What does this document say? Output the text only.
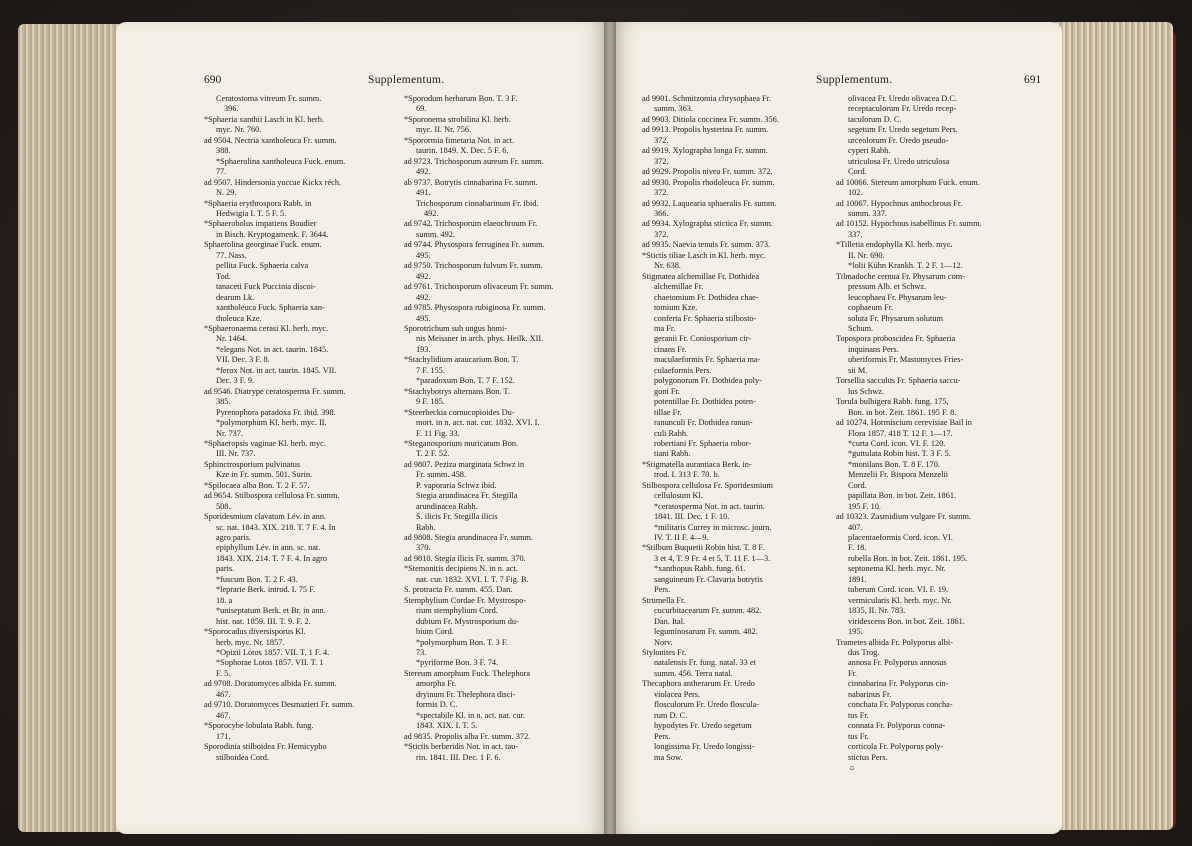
690	Supplementum.
Ceratostoma vitreum Fr. summ.
396.
*Sphaeria xanthii Lasch in Kl. herb.
myc. Nr. 760.
ad 9504. Nectria xantholeuca Fr. summ.
388.
*Sphaerolina xantholeuca Fuck. enum.
77.
ad 9507. Hindersonia yuccae Kickx réch.
N. 29.
*Sphaeria erythrospora Rabh. in
Hedwigia I. T. 5 F. 5.
*Sphaerobolus impatiens Boudier
in Bisch. Kryptogamenk. F. 3644.
Sphaerolina georginae Fuck. enum.
77. Nass.
pellita Fuck. Sphaeria calva
Tod.
tanaceti Fuck Puccinia discoi-
dearum Lk.
xantholeuca Fuck. Sphaeria xan-
tholeuca Kze.
*Sphaeronaema cerasi Kl. herb. myc.
Nr. 1464.
*elegans Not. in act. taurin. 1845.
VII. Dec. 3 F. 8.
*ferox Not. in act. taurin. 1845. VII.
Dec. 3 F. 9.
ad 9546. Diatrype ceratosperma Fr. summ.
385.
Pyrenophora paradoxa Fr. ibid. 398.
*polymorphum Kl. herb. myc. II.
Nr. 737.
*Sphaeropsis vaginae Kl. herb. myc.
III. Nr. 737.
Sphinctrosporium pulvinatus
Kze in Fr. summ. 501. Surin.
*Spilocaea alba Bon. T. 2 F. 57.
ad 9654. Stilbospora cellulosa Fr. summ.
508.
Sporidesmium clavatum Lév. in ann.
sc. nat. 1843. XIX. 218. T. 7 F. 4. In
agro paris.
epiphyllum Lév. in ann. sc. nat.
1843. XIX. 214. T. 7 F. 4. In agro
paris.
*fuscum Bon. T. 2 F. 43.
*leprarie Berk. introd. I. 75 F.
18. a
*uniseptatum Berk. et Br. in ann.
hist. nat. 1859. III. T. 9. F. 2.
*Sporocadus diversisporus Kl.
herb. myc. Nr. 1857.
*Opizii Lotos 1857. VII. T. 1 F. 4.
*Sophorae Lotos 1857. VII. T. 1
F. 5.
ad 9708. Doratomyces albida Fr. summ.
467.
ad 9710. Doratomyces Desmazieri Fr. summ.
467.
*Sporocybe lobulata Rabh. fung.
171.
Sporodinia stilboidea Fr. Hemicypho
stilboidea Cord.
*Sporodum herbarum Bon. T. 3 F.
69.
*Sporonema strobilina Kl. herb.
myc. II. Nr. 756.
*Sporormia fimetaria Not. in act.
taurin. 1849. X. Dec. 5 F. 6.
ad 9723. Trichosporum aureum Fr. summ.
492.
ab 9737. Botrytis cinnabarina Fr. summ.
491.
Trichosporum cinnabarinum Fr. ibid.
492.
ad 9742. Trichosporum elaeochroum Fr.
summ. 492.
ad 9744. Physospora ferruginea Fr. summ.
495.
ad 9750. Trichosporum fulvum Fr. summ.
492.
ad 9761. Trichosporum olivaceum Fr. summ.
492.
ad 9785. Physospora rubiginosa Fr. summ.
495.
Sporotrichum sub ungus homi-
nis Meissner in arch. phys. Heilk. XII.
193.
*Stachylidium araucarium Bon. T.
7 F. 155.
*paradoxum Bon. T. 7 F. 152.
*Stachybotrys alternans Bon. T.
9 F. 185.
*Steerbeckia cornucopioides Du-
mort. in n. act. nat. cur. 1832. XVI. I.
F. 11 Fig. 33.
*Steganosporium muricatum Bon.
T. 2 F. 52.
ad 9807. Peziza marginata Schwz in
Fr. summ. 458.
P. vaporaria Schwz ibid.
Stegia arundinacea Fr. Stegilla
arundinacea Rabh.
S. ilicis Fr. Stegilla ilicis
Rabh.
ad 9808. Stegia arundinacea Fr. summ.
370.
ad 9810. Stegia ilicis Fr. summ. 370.
*Stemonitis decipiens N. in n. act.
nat. cur. 1832. XVI. I. T. 7 Fig. B.
S. protracta Fr. summ. 455. Dan.
Stemphylium Cordae Fr. Mystrospo-
rium stemphylium Cord.
dubium Fr. Mystrosporium du-
bium Cord.
*polymorphum Bon. T. 3 F.
73.
*pyriforme Bon. 3 F. 74.
Stereum amorphum Fuck. Thelephora
amorpha Fr.
dryinum Fr. Thelephora disci-
formis D. C.
*spectabile Kl. in n. act. nat. cur.
1843. XIX. I. T. 5.
ad 9835. Propolis alba Fr. summ. 372.
*Stictis berberidis Not. in act. tau-
rin. 1841. III. Dec. 1 F. 6.
Supplementum.	691
ad 9901. Schmitzomia chrysophaea Fr.
summ. 363.
ad 9903. Ditiola coccinea Fr. summ. 356.
ad 9913. Propolis hysterina Fr. summ.
372.
ad 9919. Xylographa longa Fr. summ.
372.
ad 9929. Propolis nivea Fr. summ. 372.
ad 9930. Propolis rhodoleuca Fr. summ.
372.
ad 9932. Laquearia sphaeralis Fr. summ.
366.
ad 9934. Xylographa stictica Fr. summ.
372.
ad 9935. Naevia tenuis Fr. summ. 373.
*Stictis tiliae Lasch in Kl. herb. myc.
Nr. 638.
Stigmatea alchemillae Fr. Dothidea
alchemillae Fr.
chaetomium Fr. Dothidea chae-
tomium Kze.
conferta Fr. Sphaeria stilbosto-
ma Fr.
geranii Fr. Coniosporium cir-
cinans Fr.
maculaeformis Fr. Sphaeria ma-
culaeformis Pers.
polygonorum Fr. Dothidea poly-
goni Fr.
potentillae Fr. Dothidea poten-
tillae Fr.
ranunculi Fr. Dothidea ranun-
culi Rabh.
robertiani Fr. Sphaeria robor-
tiani Rabh.
*Stigmatella aurantiaca Berk. in-
trod. I. 313 F. 70. b.
Stilbospora cellulosa Fr. Sporidesmium
cellulosum Kl.
*ceratosperma Not. in act. taurin.
1841. III. Dec. 1 F. 10.
*militaris Currey in microsc. journ.
IV. T. II F. 4—9.
*Stilbum Buquetii Robin hist. T. 8 F.
3 et 4, T. 9 Fr. 4 et 5, T. 11 F. 1—3.
*xanthopus Rabh. fung. 61.
sanguineum Fr. Clavaria botrytis
Pers.
Strumella Fr.
cucurbitacearum Fr. summ. 482.
Dan. Ital.
leguminosarum Fr. summ. 482.
Norv.
Stylonites Fr.
natalensis Fr. fung. natal. 33 et
summ. 456. Terra natal.
Thecaphora antherarum Fr. Uredo
violacea Pers.
flosculorum Fr. Uredo floscula-
rum D. C.
hypodytes Fr. Uredo segetum
Pers.
longissima Fr. Uredo longissi-
ma Sow.
olivacea Fr. Uredo olivacea D.C.
receptaculorum Fr. Uredo recep-
taculorum D. C.
segetum Fr. Uredo segetum Pers.
urceolorum Fr. Uredo pseudo-
cyperi Rabh.
utriculosa Fr. Uredo utriculosa
Cord.
ad 10066. Stereum amorphum Fuck. enum.
102.
ad 10067. Hypochnus anthochrous Fr.
summ. 337.
ad 10152. Hypochnus isabellinus Fr. summ.
337.
*Tilletia endophylla Kl. herb. myc.
II. Nr. 690.
*lolii Kühn Krankh. T. 2 F. 1—12.
Tilmadoche cernua Fr. Physarum com-
pressum Alb. et Schwz.
leucophaea Fr. Physarum leu-
cophaeum Fr.
soluta Fr. Physarum solutum
Schum.
Topospora proboscidea Fr. Sphaeria
inquinans Pers.
uberiformis Fr. Mastomyces Fries-
sii M.
Torsellia sacculus Fr. Sphaeria saccu-
lus Schwz.
Torula bulbigera Rabh. fung. 175,
Bon. in bot. Zeit. 1861. 195 F. 8.
ad 10274. Hormiscium cerevisiae Bail in
Flora 1857. 418 T. 12 F. 1—17.
*curta Cord. icon. VI. F. 120.
*guttulata Robin hist. T. 3 F. 5.
*monilans Bon. T. 8 F. 170.
Menzelii Fr. Bispora Menzelii
Cord.
papillata Bon. in bot. Zeit. 1861.
195 F. 10.
ad 10323. Zasmidium vulgare Fr. summ.
407.
placentaeformis Cord. icon. VI.
F. 18.
rubella Bon. in bot. Zeit. 1861. 195.
septonema Kl. herb. myc. Nr.
1891.
tuberum Cord. icon. VI. F. 19.
vermicularis Kl. herb. myc. Nr.
1835, II. Nr. 783.
viridescens Bon. in bot. Zeit. 1861.
195.
Trametes albida Fr. Polyporus albi-
dus Trog.
annosa Fr. Polyporus annosus
Fr.
cinnabarina Fr. Polyporus cin-
nabarinus Fr.
conchata Fr. Polyporus concha-
tus Fr.
connata Fr. Polyporus conna-
tus Fr.
corticola Fr. Polyporus poly-
stictus Pers.
☼
